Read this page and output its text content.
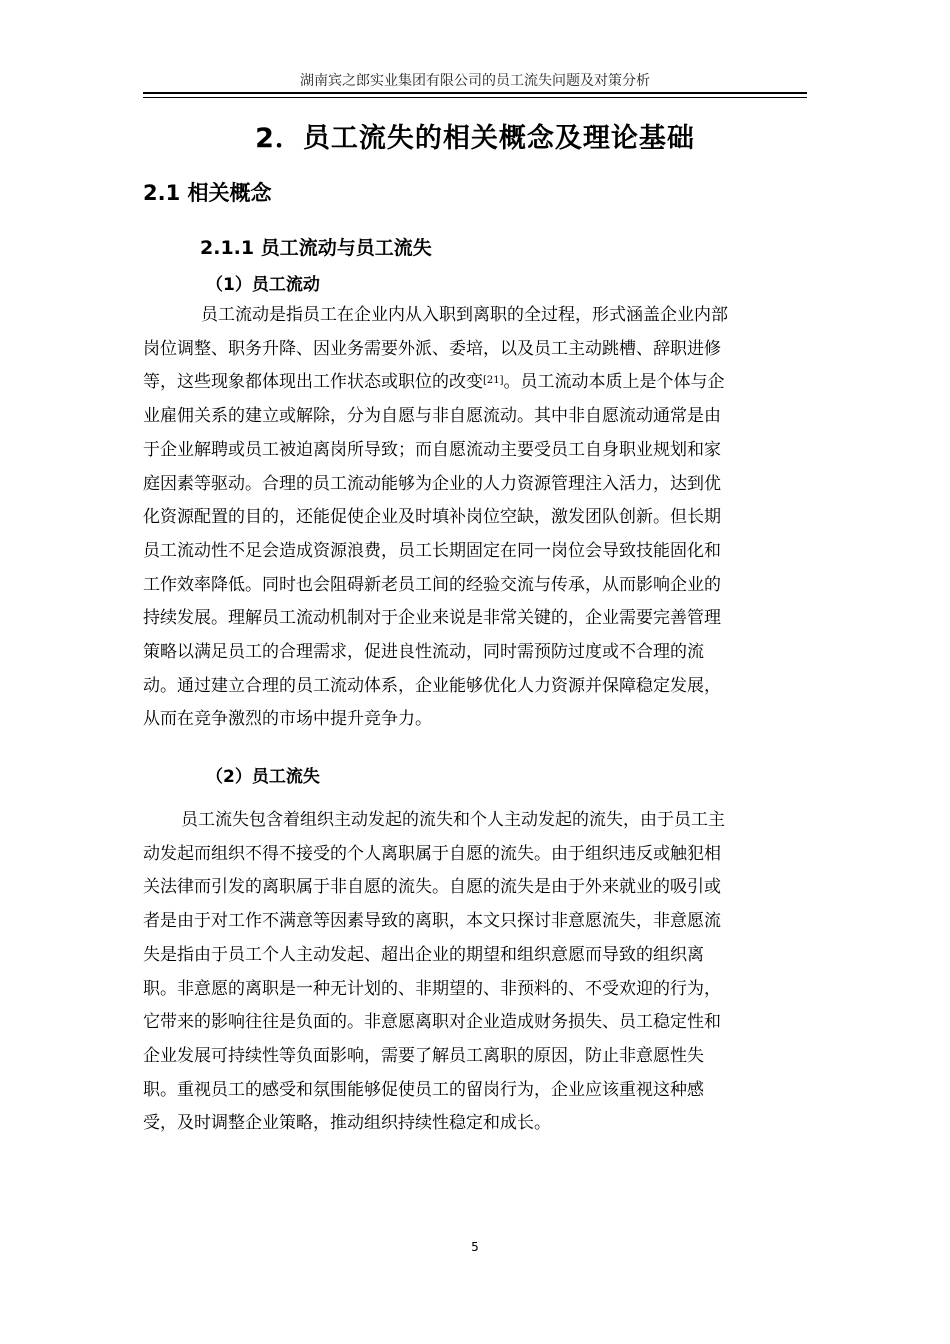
湖南宾之郎实业集团有限公司的员工流失问题及对策分析
2．员工流失的相关概念及理论基础
2.1 相关概念
2.1.1 员工流动与员工流失
（1）员工流动
员工流动是指员工在企业内从入职到离职的全过程，形式涵盖企业内部
岗位调整、职务升降、因业务需要外派、委培，以及员工主动跳槽、辞职进修
等，这些现象都体现出工作状态或职位的改变[21]。员工流动本质上是个体与企
业雇佣关系的建立或解除，分为自愿与非自愿流动。其中非自愿流动通常是由
于企业解聘或员工被迫离岗所导致；而自愿流动主要受员工自身职业规划和家
庭因素等驱动。合理的员工流动能够为企业的人力资源管理注入活力，达到优
化资源配置的目的，还能促使企业及时填补岗位空缺，激发团队创新。但长期
员工流动性不足会造成资源浪费，员工长期固定在同一岗位会导致技能固化和
工作效率降低。同时也会阻碍新老员工间的经验交流与传承，从而影响企业的
持续发展。理解员工流动机制对于企业来说是非常关键的，企业需要完善管理
策略以满足员工的合理需求，促进良性流动，同时需预防过度或不合理的流
动。通过建立合理的员工流动体系，企业能够优化人力资源并保障稳定发展，
从而在竞争激烈的市场中提升竞争力。
（2）员工流失
员工流失包含着组织主动发起的流失和个人主动发起的流失，由于员工主
动发起而组织不得不接受的个人离职属于自愿的流失。由于组织违反或触犯相
关法律而引发的离职属于非自愿的流失。自愿的流失是由于外来就业的吸引或
者是由于对工作不满意等因素导致的离职，本文只探讨非意愿流失，非意愿流
失是指由于员工个人主动发起、超出企业的期望和组织意愿而导致的组织离
职。非意愿的离职是一种无计划的、非期望的、非预料的、不受欢迎的行为，
它带来的影响往往是负面的。非意愿离职对企业造成财务损失、员工稳定性和
企业发展可持续性等负面影响，需要了解员工离职的原因，防止非意愿性失
职。重视员工的感受和氛围能够促使员工的留岗行为，企业应该重视这种感
受，及时调整企业策略，推动组织持续性稳定和成长。
5
